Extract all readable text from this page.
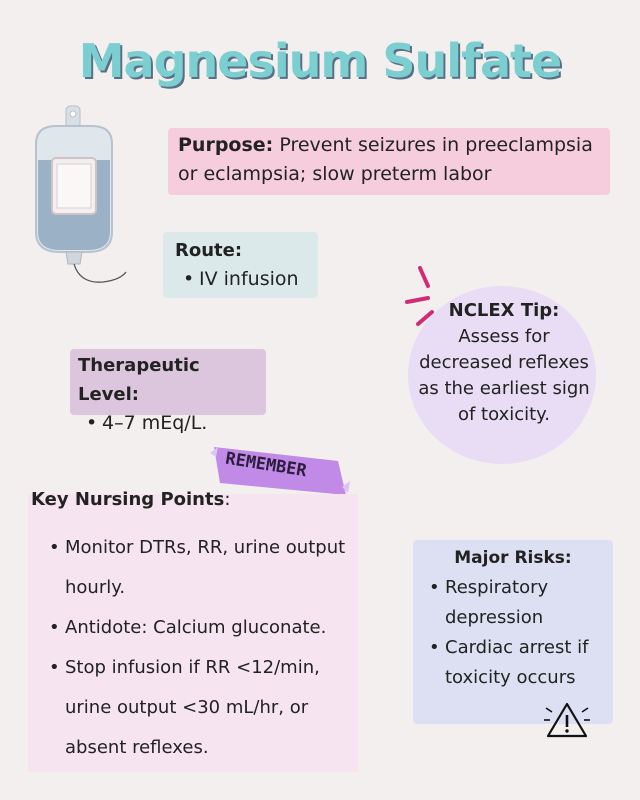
Magnesium Sulfate
Purpose: Prevent seizures in preeclampsia or eclampsia; slow preterm labor
Route:
• IV infusion
Therapeutic Level:
• 4–7 mEq/L.
NCLEX Tip:
Assess for
decreased reflexes
as the earliest sign
of toxicity.
REMEMBER
Key Nursing Points:
• Monitor DTRs, RR, urine output hourly.
• Antidote: Calcium gluconate.
• Stop infusion if RR <12/min, urine output <30 mL/hr, or absent reflexes.
Major Risks:
• Respiratory depression
• Cardiac arrest if toxicity occurs
